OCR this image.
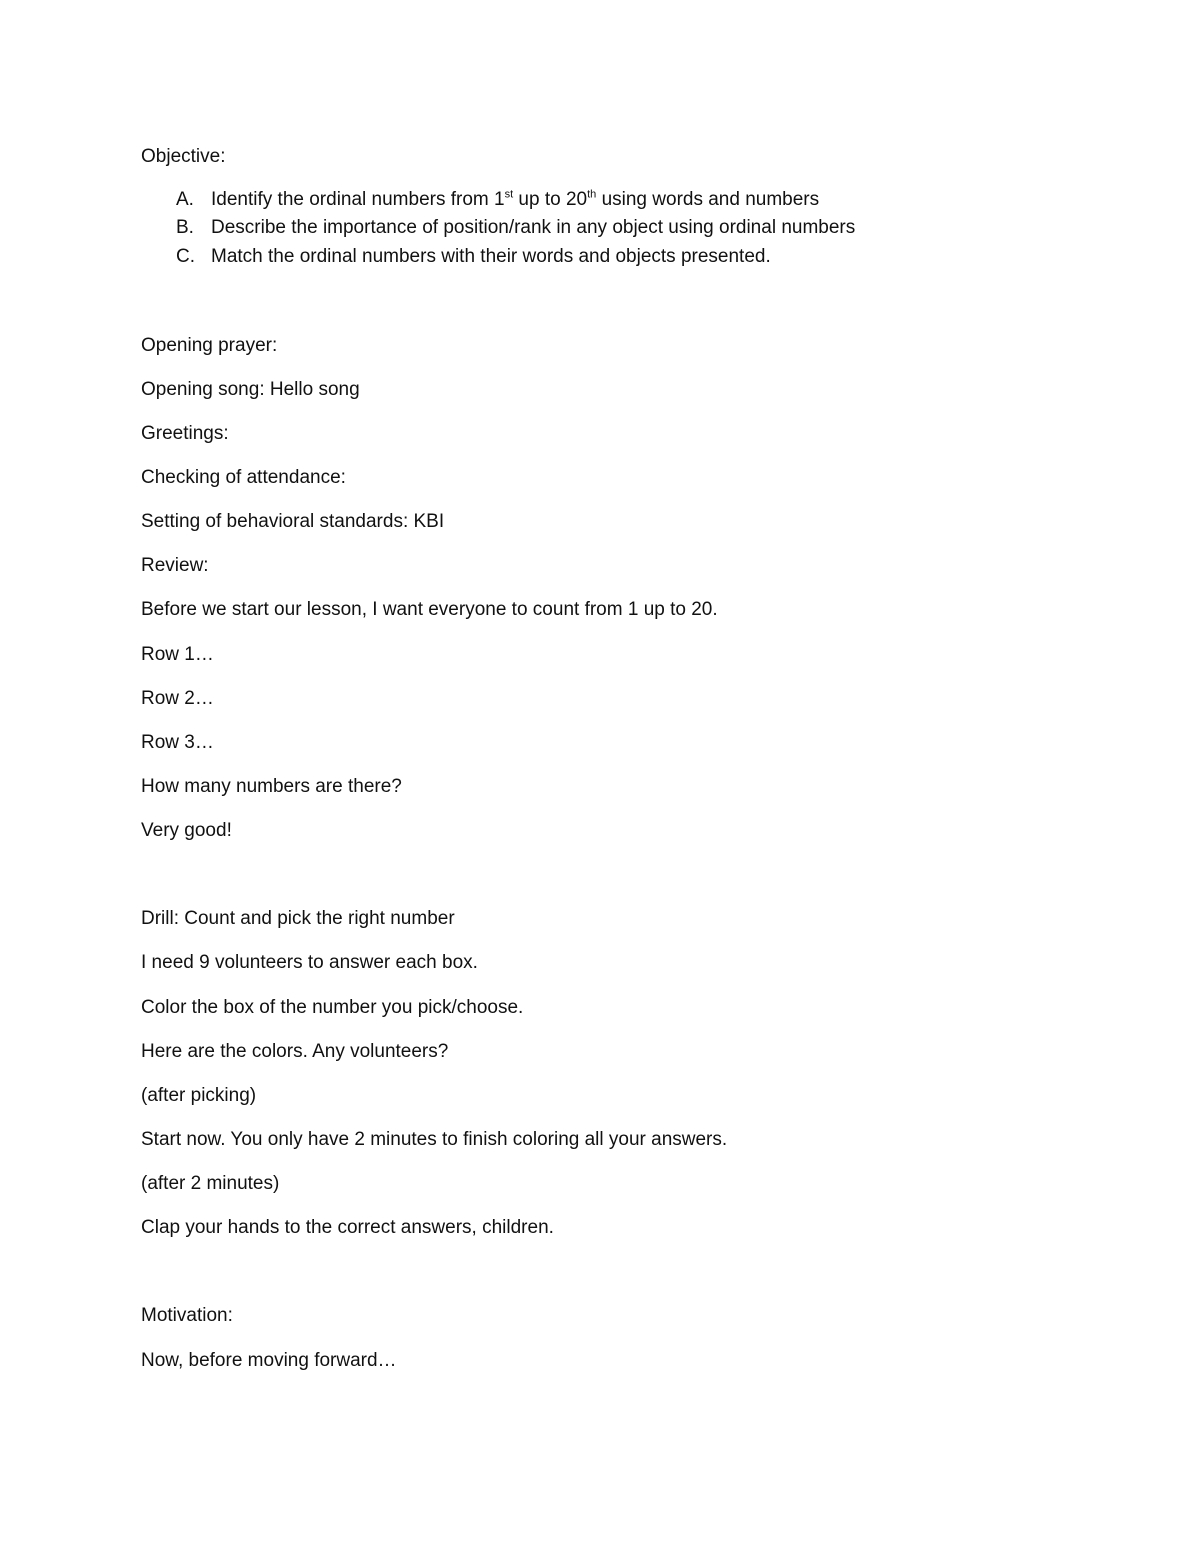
Objective:
A. Identify the ordinal numbers from 1st up to 20th using words and numbers
B. Describe the importance of position/rank in any object using ordinal numbers
C. Match the ordinal numbers with their words and objects presented.
Opening prayer:
Opening song: Hello song
Greetings:
Checking of attendance:
Setting of behavioral standards: KBI
Review:
Before we start our lesson, I want everyone to count from 1 up to 20.
Row 1…
Row 2…
Row 3…
How many numbers are there?
Very good!
Drill: Count and pick the right number
I need 9 volunteers to answer each box.
Color the box of the number you pick/choose.
Here are the colors. Any volunteers?
(after picking)
Start now. You only have 2 minutes to finish coloring all your answers.
(after 2 minutes)
Clap your hands to the correct answers, children.
Motivation:
Now, before moving forward…
